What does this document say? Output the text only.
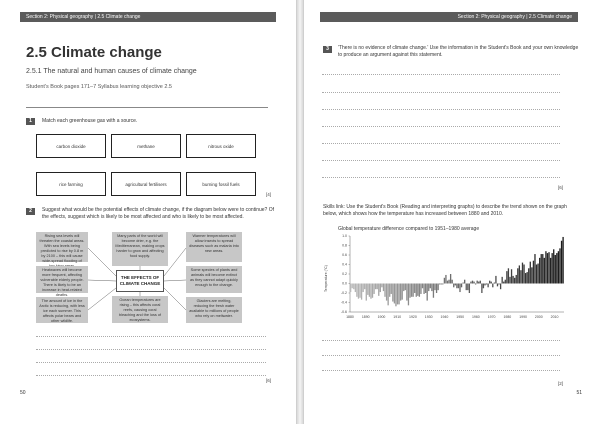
Section 2: Physical geography | 2.5 Climate change
2.5 Climate change
2.5.1 The natural and human causes of climate change
Student's Book pages 171–7 Syllabus learning objective 2.5
1	Match each greenhouse gas with a source.
carbon dioxide	methane	nitrous oxide
rice farming	agricultural fertilisers	burning fossil fuels
[4]
2	Suggest what would be the potential effects of climate change, if the diagram below were to continue? Of the effects, suggest which is likely to be most affected and who is likely to be most affected.
Rising sea levels will threaten the coastal areas. With sea levels being predicted to rise by 0.8 m by 2100 – this will cause wide-spread flooding of
Heatwaves will become more frequent, affecting vulnerable elderly people. There is likely to be an increase in heat-related deaths.
The amount of ice in the Arctic is reducing, with less ice each summer. This affects polar bears and other wildlife.
Many parts of the world will become drier, e.g. the Mediterranean, making crops harder to grow and affecting food supply.
Ocean temperatures are rising – this affects coral reefs, causing coral bleaching and the loss of ecosystems.
Warmer temperatures will allow insects to spread diseases such as malaria into new areas.
Some species of plants and animals will become extinct as they cannot adapt quickly enough to the change.
Glaciers are melting, reducing the fresh water available to millions of people who rely on meltwater.
THE EFFECTS OF CLIMATE CHANGE
[6]
50
Section 2: Physical geography | 2.5 Climate change
3	'There is no evidence of climate change.' Use the information in the Student's Book and your own knowledge to produce an argument against this statement.
[6]
Skills link: Use the Student's Book (Reading and interpreting graphs) to describe the trend shown on the graph below, which shows how the temperature has increased between 1880 and 2010.
Global temperature difference compared to 1951–1980 average
1.0
0.8
0.6
0.4
0.2
0.0
-0.2
-0.4
-0.6
1880 1890 1900 1910 1920 1930 1940 1950 1960 1970 1980 1990 2000 2010
Temperature (°C)
[2]
51
